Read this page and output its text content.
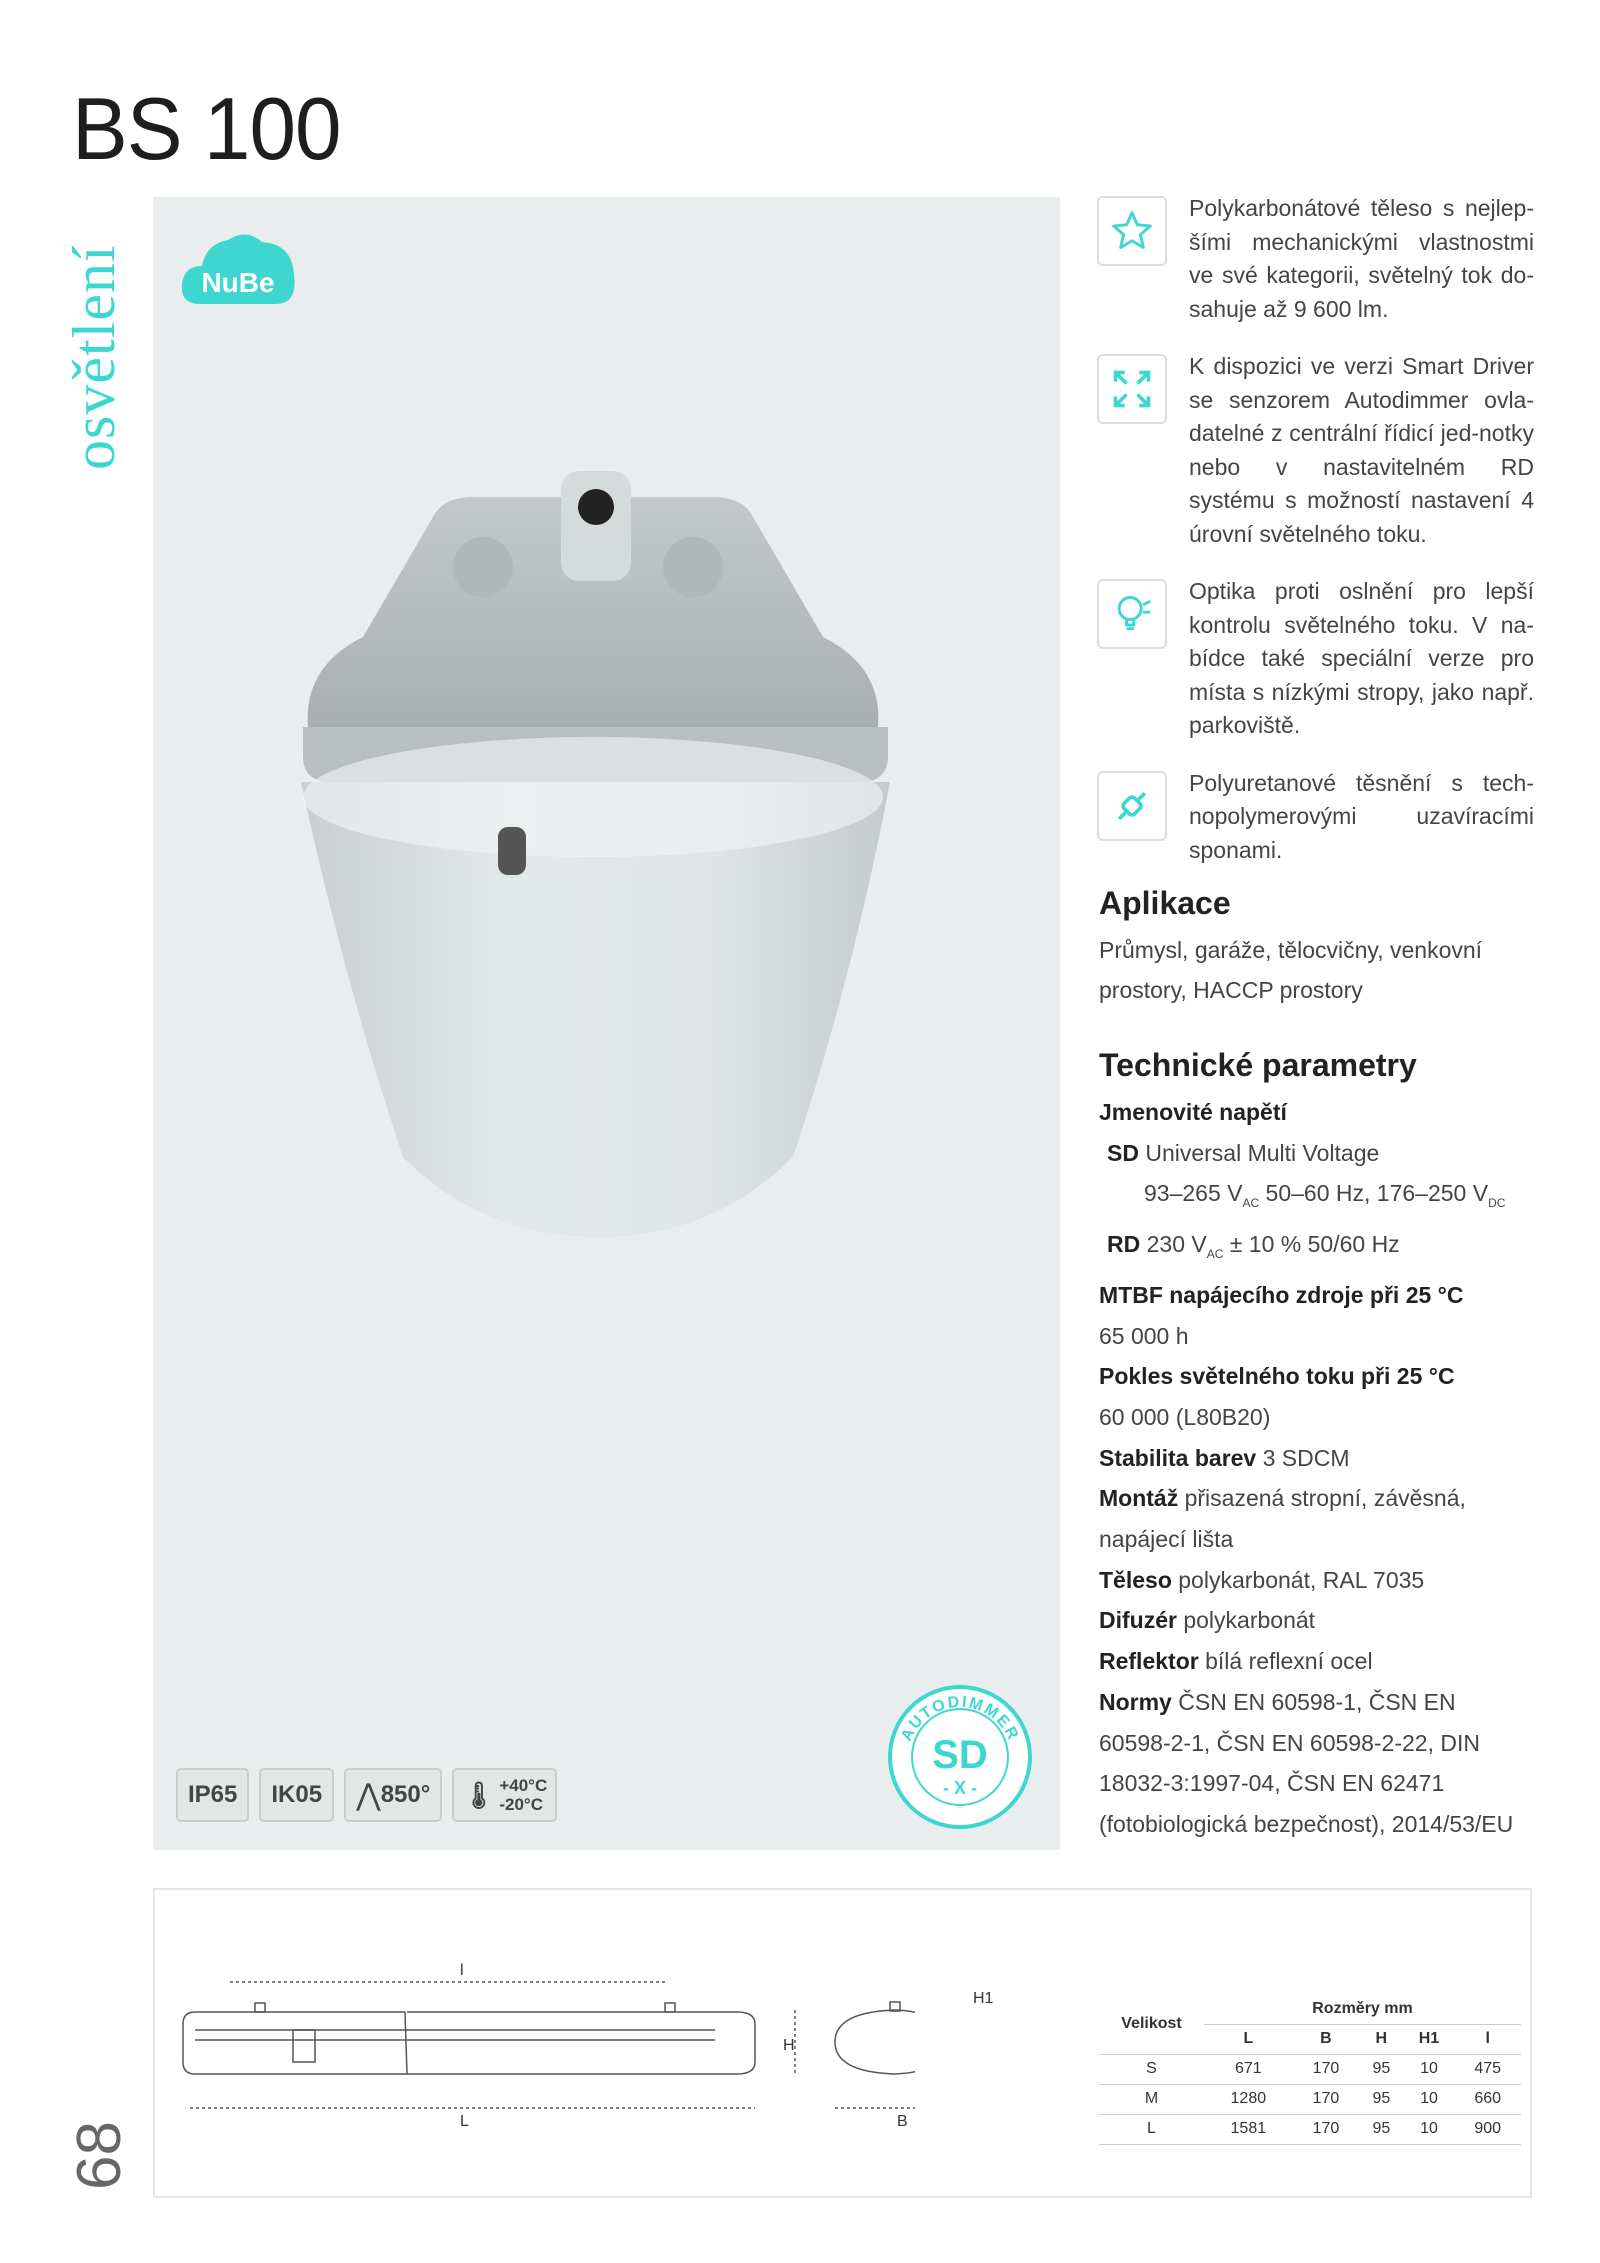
BS 100
osvětlení
68
IP65	IK05	⋀ 850° 🌡 +40°C
-20°C
NuBe
AUTODIMMER
SD
- X -
Polykarbonátové těleso s nejlep-šími mechanickými vlastnostmi ve své kategorii, světelný tok do-sahuje až 9 600 lm.
K dispozici ve verzi Smart Driver se senzorem Autodimmer ovla-datelné z centrální řídicí jed-notky nebo v nastavitelném RD systému s možností nastavení 4 úrovní světelného toku.
Optika proti oslnění pro lepší kontrolu světelného toku. V na-bídce také speciální verze pro místa s nízkými stropy, jako např. parkoviště.
Polyuretanové těsnění s tech-nopolymerovými uzavíracími sponami.
Aplikace
Průmysl, garáže, tělocvičny, venkovní prostory, HACCP prostory
Technické parametry
Jmenovité napětí
SD Universal Multi Voltage
93–265 $V_{AC}$ 50–60 Hz, 176–250 $V_{DC}$
RD 230 $V_{AC} \pm 10$ % 50/60 Hz
MTBF napájecího zdroje při 25 °C
65 000 h
Pokles světelného toku při 25 °C
60 000 (L80B20)
Stabilita barev 3 SDCM
Montáž přisazená stropní, závěsná, napájecí lišta
Těleso polykarbonát, RAL 7035
Difuzér polykarbonát
Reflektor bílá reflexní ocel
Normy ČSN EN 60598-1, ČSN EN 60598-2-1, ČSN EN 60598-2-22, DIN 18032-3:1997-04, ČSN EN 62471 (fotobiologická bezpečnost), 2014/53/EU
l
L
H
B
H1
Velikost	Rozměry mm				
	L	B	H	H1	l
S	671	170	95	10	475
M	1280	170	95	10	660
L	1581	170	95	10	900
